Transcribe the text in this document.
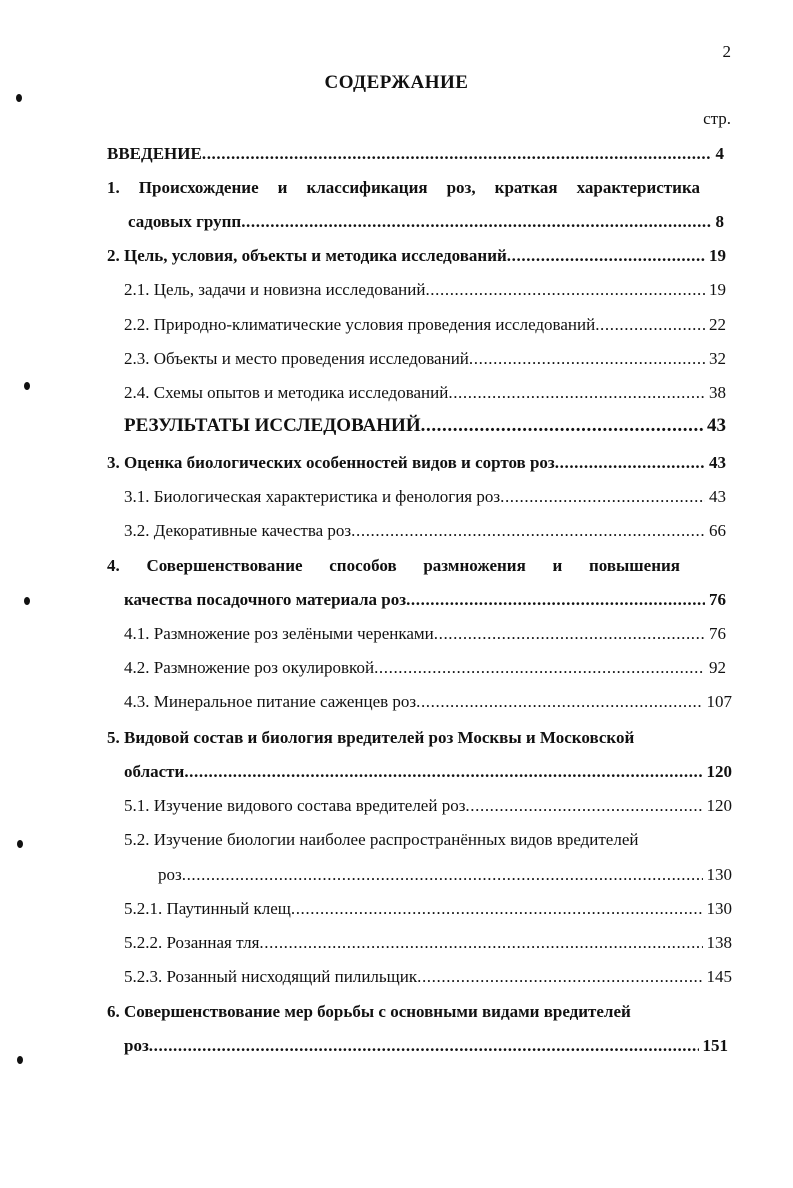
2
СОДЕРЖАНИЕ
стр.
ВВЕДЕНИЕ .....	4
1. Происхождение и классификация роз, краткая характеристика
садовых групп .....	8
2. Цель, условия, объекты и методика исследований .....	19
2.1. Цель, задачи и новизна исследований .....	19
2.2. Природно-климатические условия проведения исследований .....	22
2.3. Объекты и место проведения исследований .....	32
2.4. Схемы опытов и методика исследований .....	38
РЕЗУЛЬТАТЫ ИССЛЕДОВАНИЙ .....	43
3. Оценка биологических особенностей видов и сортов роз .....	43
3.1. Биологическая характеристика и фенология роз .....	43
3.2. Декоративные качества роз .....	66
4. Совершенствование способов размножения и повышения
качества посадочного материала роз .....	76
4.1. Размножение роз зелёными черенками .....	76
4.2. Размножение роз окулировкой .....	92
4.3. Минеральное питание саженцев роз .....	107
5. Видовой состав и биология вредителей роз Москвы и Московской
области .....	120
5.1. Изучение видового состава вредителей роз .....	120
5.2. Изучение биологии наиболее распространённых видов вредителей
роз .....	130
5.2.1. Паутинный клещ .....	130
5.2.2. Розанная тля .....	138
5.2.3. Розанный нисходящий пилильщик .....	145
6. Совершенствование мер борьбы с основными видами вредителей
роз .....	151
